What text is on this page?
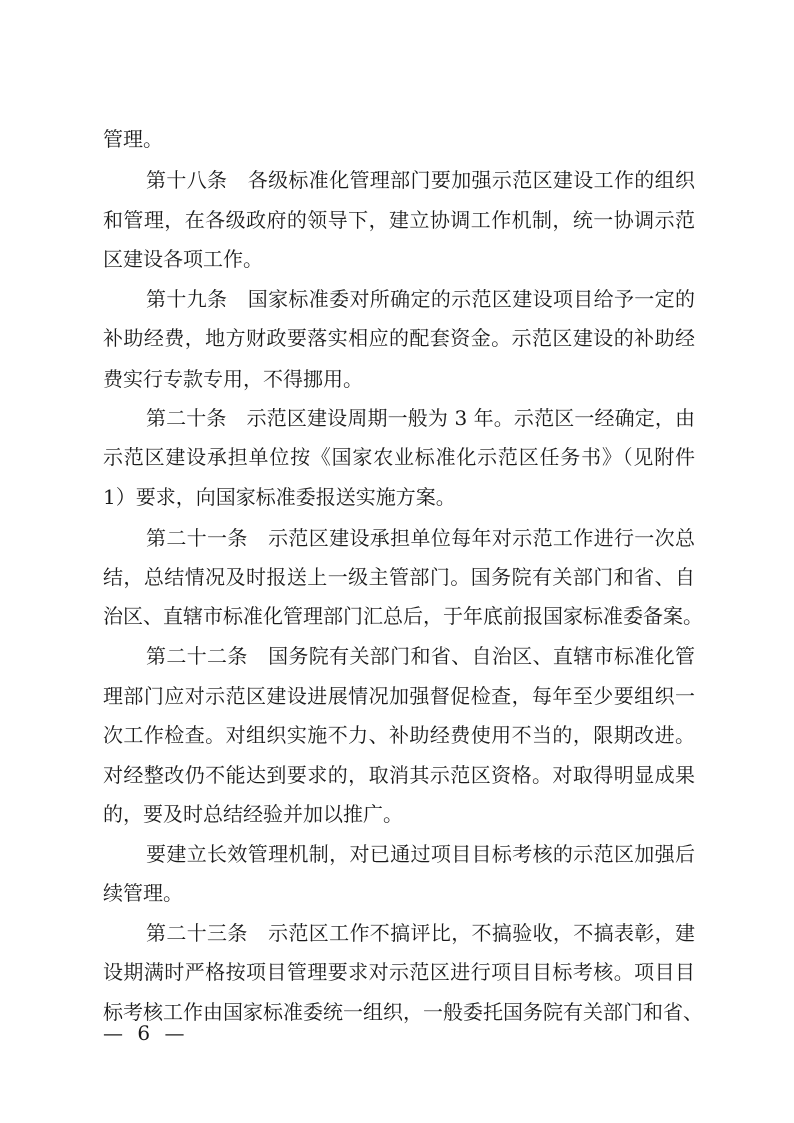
管理。
第十八条　各级标准化管理部门要加强示范区建设工作的组织
和管理，在各级政府的领导下，建立协调工作机制，统一协调示范
区建设各项工作。
第十九条　国家标准委对所确定的示范区建设项目给予一定的
补助经费，地方财政要落实相应的配套资金。示范区建设的补助经
费实行专款专用，不得挪用。
第二十条　示范区建设周期一般为 3 年。示范区一经确定，由
示范区建设承担单位按《国家农业标准化示范区任务书》（见附件
1）要求，向国家标准委报送实施方案。
第二十一条　示范区建设承担单位每年对示范工作进行一次总
结，总结情况及时报送上一级主管部门。国务院有关部门和省、自
治区、直辖市标准化管理部门汇总后，于年底前报国家标准委备案。
第二十二条　国务院有关部门和省、自治区、直辖市标准化管
理部门应对示范区建设进展情况加强督促检查，每年至少要组织一
次工作检查。对组织实施不力、补助经费使用不当的，限期改进。
对经整改仍不能达到要求的，取消其示范区资格。对取得明显成果
的，要及时总结经验并加以推广。
要建立长效管理机制，对已通过项目目标考核的示范区加强后
续管理。
第二十三条　示范区工作不搞评比，不搞验收，不搞表彰，建
设期满时严格按项目管理要求对示范区进行项目目标考核。项目目
标考核工作由国家标准委统一组织，一般委托国务院有关部门和省、
— 6 —
